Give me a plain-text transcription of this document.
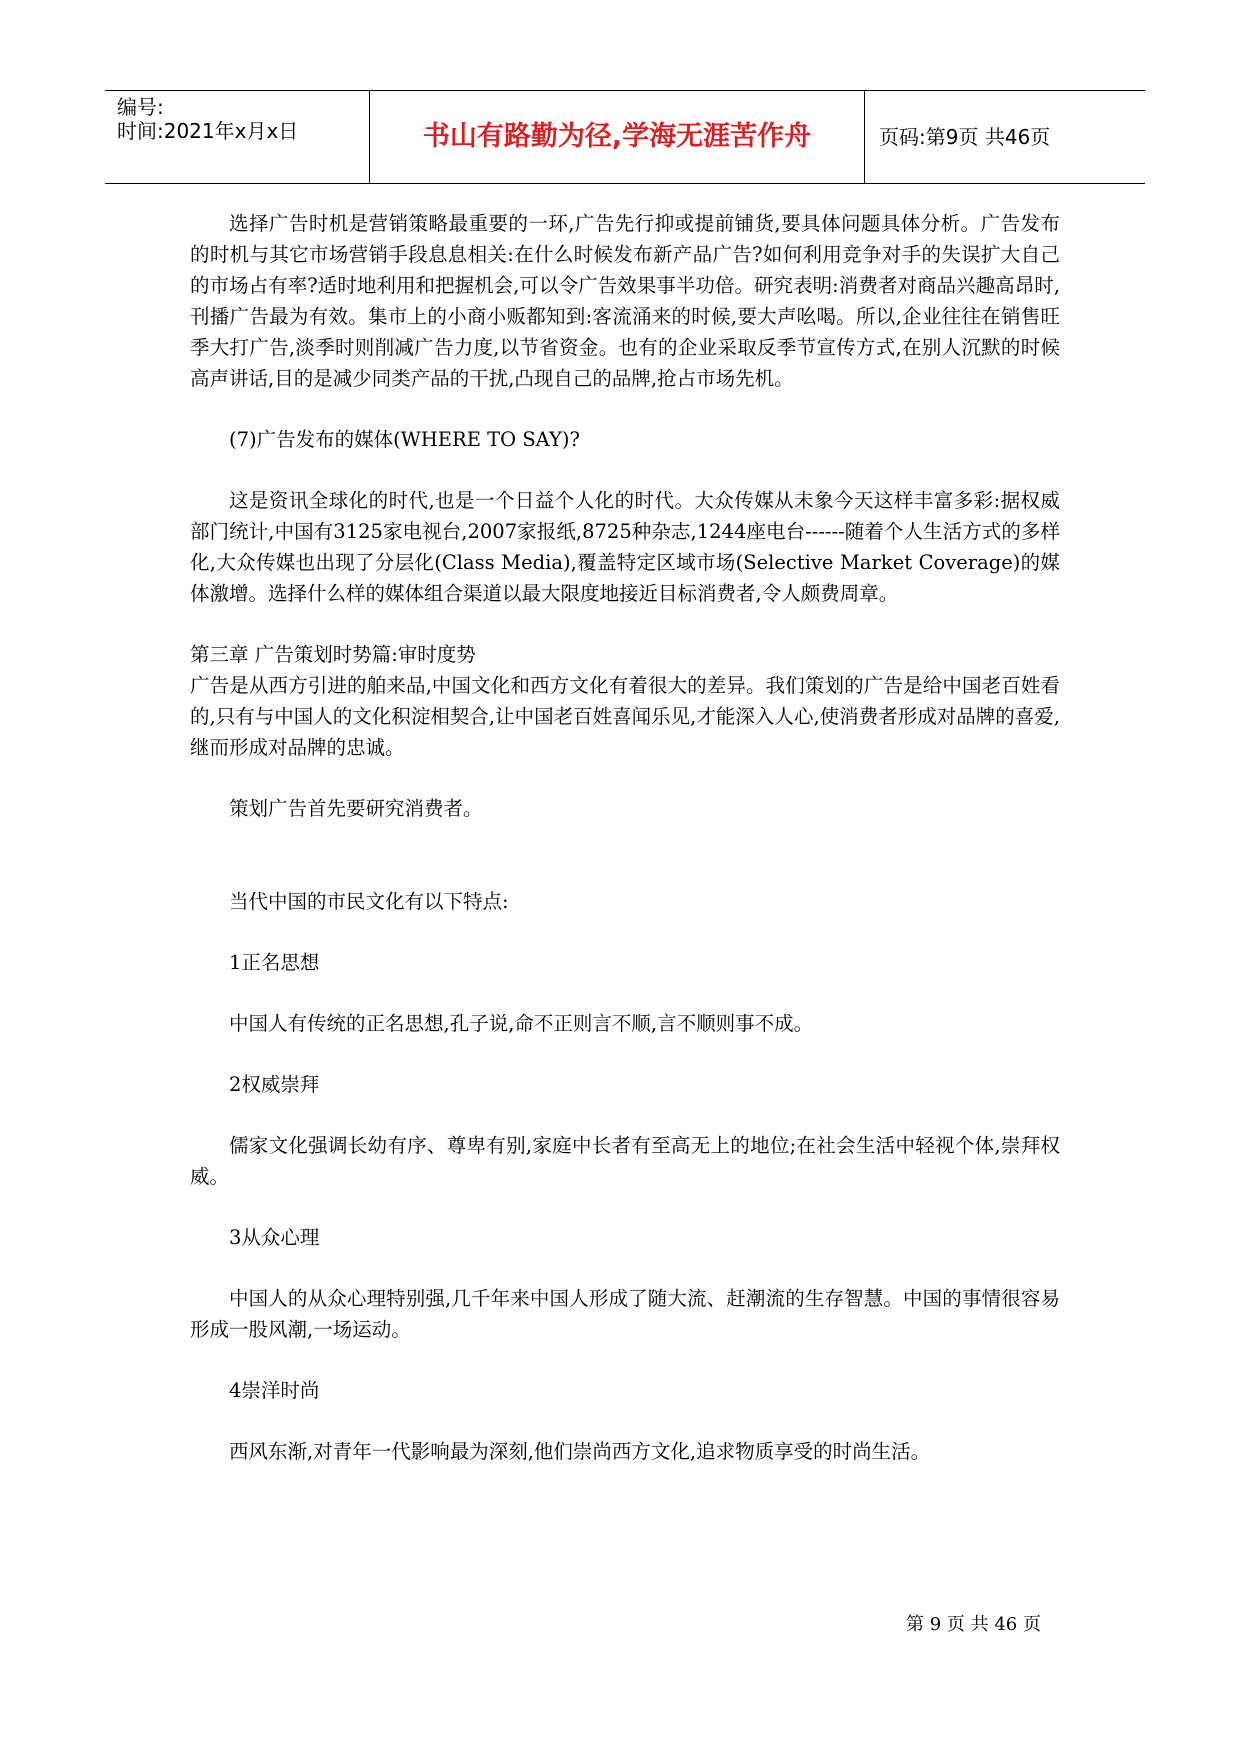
编号:
时间:2021年x月x日	书山有路勤为径,学海无涯苦作舟	页码:第9页 共46页

选择广告时机是营销策略最重要的一环,广告先行抑或提前铺货,要具体问题具体分析。广告发布的时机与其它市场营销手段息息相关:在什么时候发布新产品广告?如何利用竞争对手的失误扩大自己的市场占有率?适时地利用和把握机会,可以令广告效果事半功倍。研究表明:消费者对商品兴趣高昂时,刊播广告最为有效。集市上的小商小贩都知到:客流涌来的时候,要大声吆喝。所以,企业往往在销售旺季大打广告,淡季时则削减广告力度,以节省资金。也有的企业采取反季节宣传方式,在别人沉默的时候高声讲话,目的是减少同类产品的干扰,凸现自己的品牌,抢占市场先机。

(7)广告发布的媒体(WHERE TO SAY)?

这是资讯全球化的时代,也是一个日益个人化的时代。大众传媒从未象今天这样丰富多彩:据权威部门统计,中国有3125家电视台,2007家报纸,8725种杂志,1244座电台------随着个人生活方式的多样化,大众传媒也出现了分层化(Class Media),覆盖特定区域市场(Selective Market Coverage)的媒体激增。选择什么样的媒体组合渠道以最大限度地接近目标消费者,令人颇费周章。

第三章 广告策划时势篇:审时度势

广告是从西方引进的舶来品,中国文化和西方文化有着很大的差异。我们策划的广告是给中国老百姓看的,只有与中国人的文化积淀相契合,让中国老百姓喜闻乐见,才能深入人心,使消费者形成对品牌的喜爱,继而形成对品牌的忠诚。

策划广告首先要研究消费者。

当代中国的市民文化有以下特点:

1正名思想

中国人有传统的正名思想,孔子说,命不正则言不顺,言不顺则事不成。

2权威崇拜

儒家文化强调长幼有序、尊卑有别,家庭中长者有至高无上的地位;在社会生活中轻视个体,崇拜权威。

3从众心理

中国人的从众心理特别强,几千年来中国人形成了随大流、赶潮流的生存智慧。中国的事情很容易形成一股风潮,一场运动。

4崇洋时尚

西风东渐,对青年一代影响最为深刻,他们崇尚西方文化,追求物质享受的时尚生活。

第 9 页 共 46 页
